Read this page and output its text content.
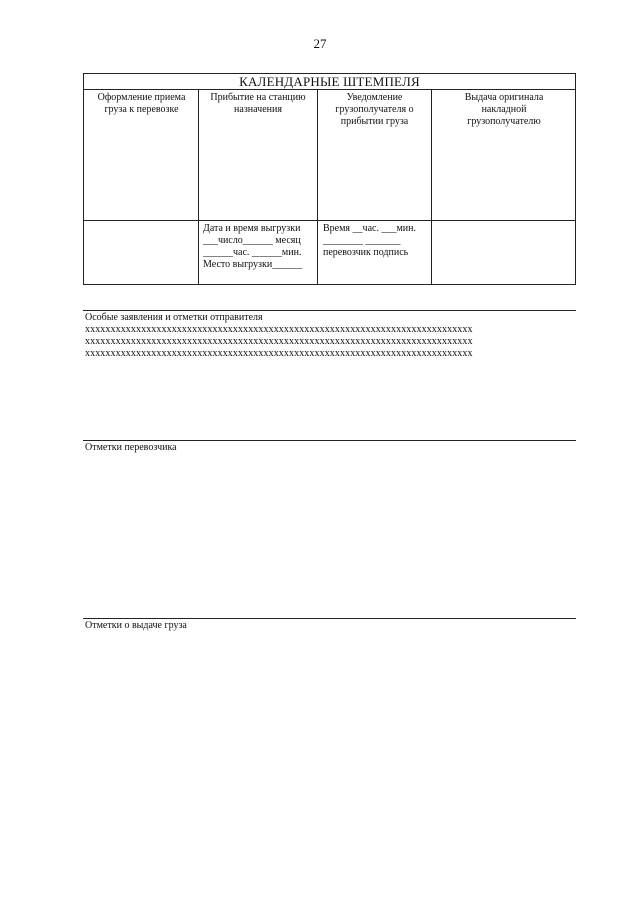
27
КАЛЕНДАРНЫЕ ШТЕМПЕЛЯ
Оформление приема
груза к перевозке
Прибытие на станцию
назначения
Уведомление
грузополучателя о
прибытии груза
Выдача оригинала
накладной
грузополучателю
Дата и время выгрузки
___число______ месяц
______час. ______мин.
Место выгрузки______
Время __час. ___мин.
________ _______
перевозчик подпись
Особые заявления и отметки отправителя
xxxxxxxxxxxxxxxxxxxxxxxxxxxxxxxxxxxxxxxxxxxxxxxxxxxxxxxxxxxxxxxxxxxxxxxxxxxx
xxxxxxxxxxxxxxxxxxxxxxxxxxxxxxxxxxxxxxxxxxxxxxxxxxxxxxxxxxxxxxxxxxxxxxxxxxxx
xxxxxxxxxxxxxxxxxxxxxxxxxxxxxxxxxxxxxxxxxxxxxxxxxxxxxxxxxxxxxxxxxxxxxxxxxxxx
Отметки перевозчика
Отметки о выдаче груза
